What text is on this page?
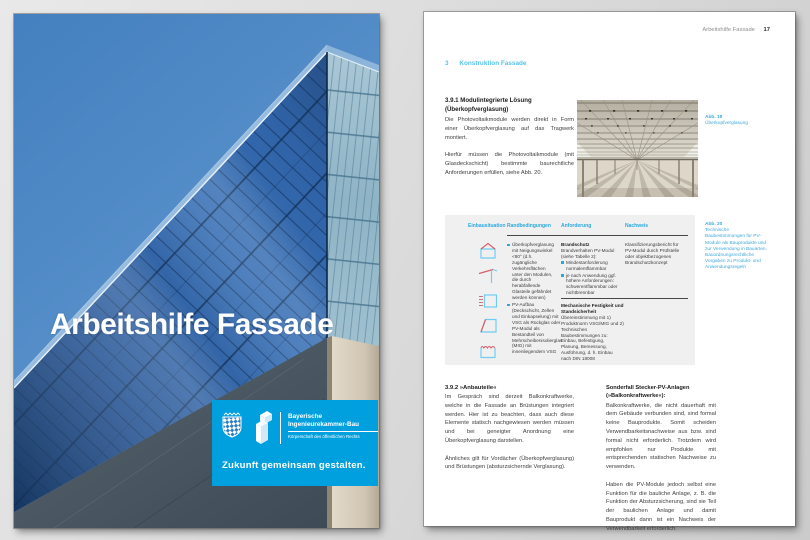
Arbeitshilfe Fassade
Bayerische
Ingenieurekammer-Bau
Körperschaft des öffentlichen Rechts
Zukunft gemeinsam gestalten.
Arbeitshilfe Fassade 17
3 Konstruktion Fassade
3.9.1 Modulintegrierte Lösung
(Überkopfverglasung)
Die Photovoltaikmodule werden direkt in Form einer Überkopfverglasung auf das Tragwerk montiert.
Hierfür müssen die Photovoltaikmodule (mit Glasdeckschicht) bestimmte baurechtliche Anforderungen erfüllen, siehe Abb. 20.
Abb. 19
Überkopfverglasung
Einbausituation Randbedingungen Anforderung	Nachweis
Überkopfverglasung mit Neigungswinkel <80° (d.h. zugängliche Verkehrsflächen unter den Modulen, die durch herabfallende Glasteile gefährdet werden können)
PV-Aufbau (Deckschicht, Zellen und Einkapselung) mit VSG als Rückglas oder PV-Modul als Bestandteil von Mehrscheibenisolierglas (MIG) mit innenliegendem VSG
Brandschutz
Brandverhalten PV-Modul (siehe Tabelle 2):
Mindestanforderung normalentflammbar
je nach Anwendung ggf. höhere Anforderungen: schwerentflammbar oder nichtbrennbar
Mechanische Festigkeit und Standsicherheit
Übereinstimmung mit 1) Produktnorm VSG/MIG und 2) Technischen Baubestimmungen zu: Einbau, Befestigung, Planung, Bemessung, Ausführung, d. h. Einbau nach DIN 18008
Klassifizierungsbericht für PV-Modul durch Prüfstelle oder objektbezogenes Brandschutzkonzept
Abb. 20
Technische Baubestimmungen für PV-Module als Bauprodukte und zur Verwendung in Bauarten, Bauordnungsrechtliche Vorgaben zu Produkt- und Anwendungsregeln
3.9.2 »Anbauteile«
Im Gespräch sind derzeit Balkonkraftwerke, welche in die Fassade an Brüstungen integriert werden. Hier ist zu beachten, dass auch diese Elemente statisch nachgewiesen werden müssen und bei geneigter Anordnung eine Überkopfverglasung darstellen.
Ähnliches gilt für Vordächer (Überkopfverglasung) und Brüstungen (absturzsichernde Verglasung).
Sonderfall Stecker-PV-Anlagen
(»Balkonkraftwerke«):
Balkonkraftwerke, die nicht dauerhaft mit dem Gebäude verbunden sind, sind formal keine Bauprodukte. Somit scheiden Verwendbarkeitsnachweise aus bzw. sind formal nicht erforderlich. Trotzdem wird empfohlen nur Produkte mit entsprechenden statischen Nachweise zu verwenden.
Haben die PV-Module jedoch selbst eine Funktion für die bauliche Anlage, z. B. die Funktion der Absturzsicherung, sind sie Teil der baulichen Anlage und damit Bauprodukt dann ist ein Nachweis der Verwendbarkeit erforderlich.
